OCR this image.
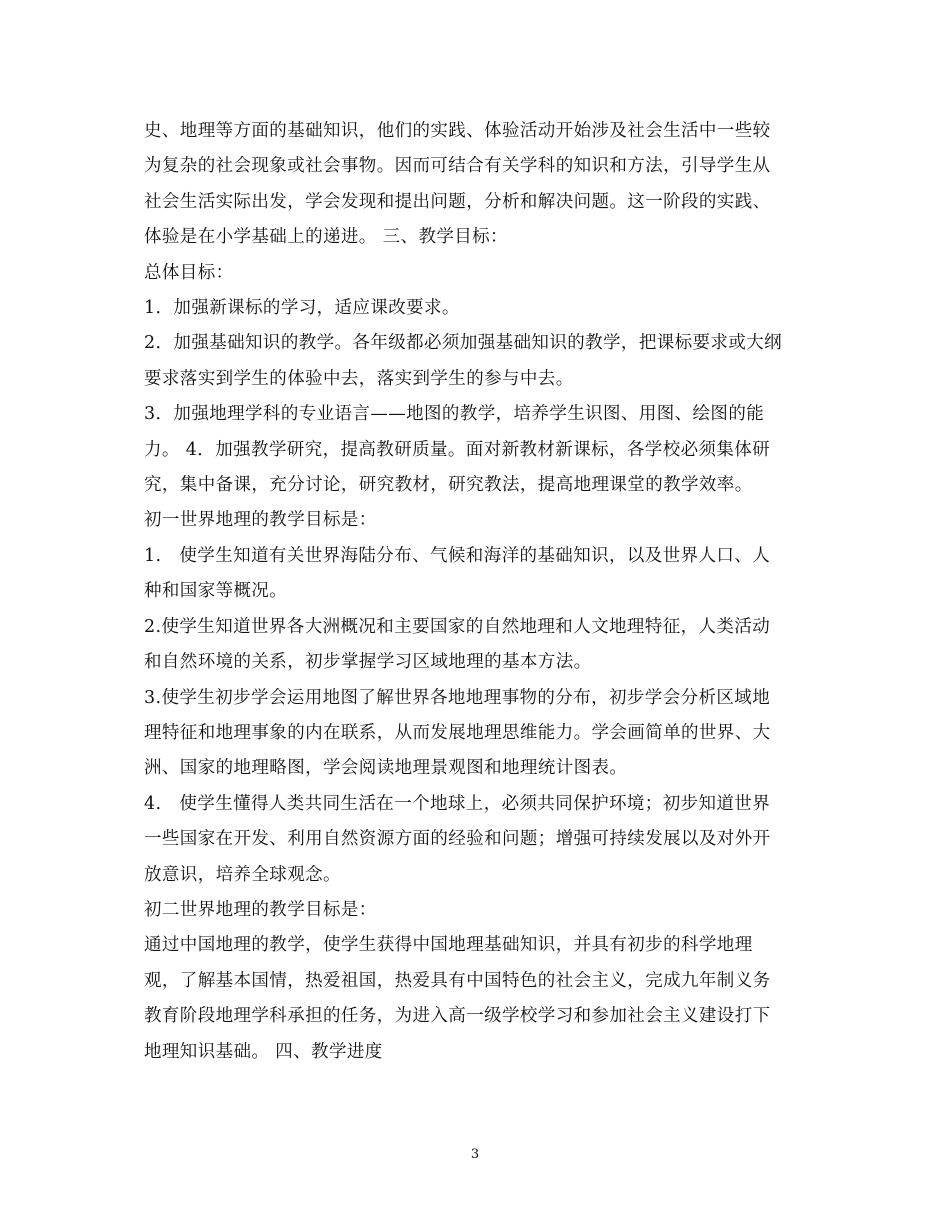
史、地理等方面的基础知识，他们的实践、体验活动开始涉及社会生活中一些较
为复杂的社会现象或社会事物。因而可结合有关学科的知识和方法，引导学生从
社会生活实际出发，学会发现和提出问题，分析和解决问题。这一阶段的实践、
体验是在小学基础上的递进。 三、教学目标：
总体目标：
1．加强新课标的学习，适应课改要求。
2．加强基础知识的教学。各年级都必须加强基础知识的教学，把课标要求或大纲
要求落实到学生的体验中去，落实到学生的参与中去。
3．加强地理学科的专业语言——地图的教学，培养学生识图、用图、绘图的能
力。 4．加强教学研究，提高教研质量。面对新教材新课标，各学校必须集体研
究，集中备课，充分讨论，研究教材，研究教法，提高地理课堂的教学效率。
初一世界地理的教学目标是：
1.　使学生知道有关世界海陆分布、气候和海洋的基础知识，以及世界人口、人
种和国家等概况。
2.使学生知道世界各大洲概况和主要国家的自然地理和人文地理特征，人类活动
和自然环境的关系，初步掌握学习区域地理的基本方法。
3.使学生初步学会运用地图了解世界各地地理事物的分布，初步学会分析区域地
理特征和地理事象的内在联系，从而发展地理思维能力。学会画简单的世界、大
洲、国家的地理略图，学会阅读地理景观图和地理统计图表。
4.　使学生懂得人类共同生活在一个地球上，必须共同保护环境；初步知道世界
一些国家在开发、利用自然资源方面的经验和问题；增强可持续发展以及对外开
放意识，培养全球观念。
初二世界地理的教学目标是：
通过中国地理的教学，使学生获得中国地理基础知识，并具有初步的科学地理
观，了解基本国情，热爱祖国，热爱具有中国特色的社会主义，完成九年制义务
教育阶段地理学科承担的任务，为进入高一级学校学习和参加社会主义建设打下
地理知识基础。 四、教学进度
3
